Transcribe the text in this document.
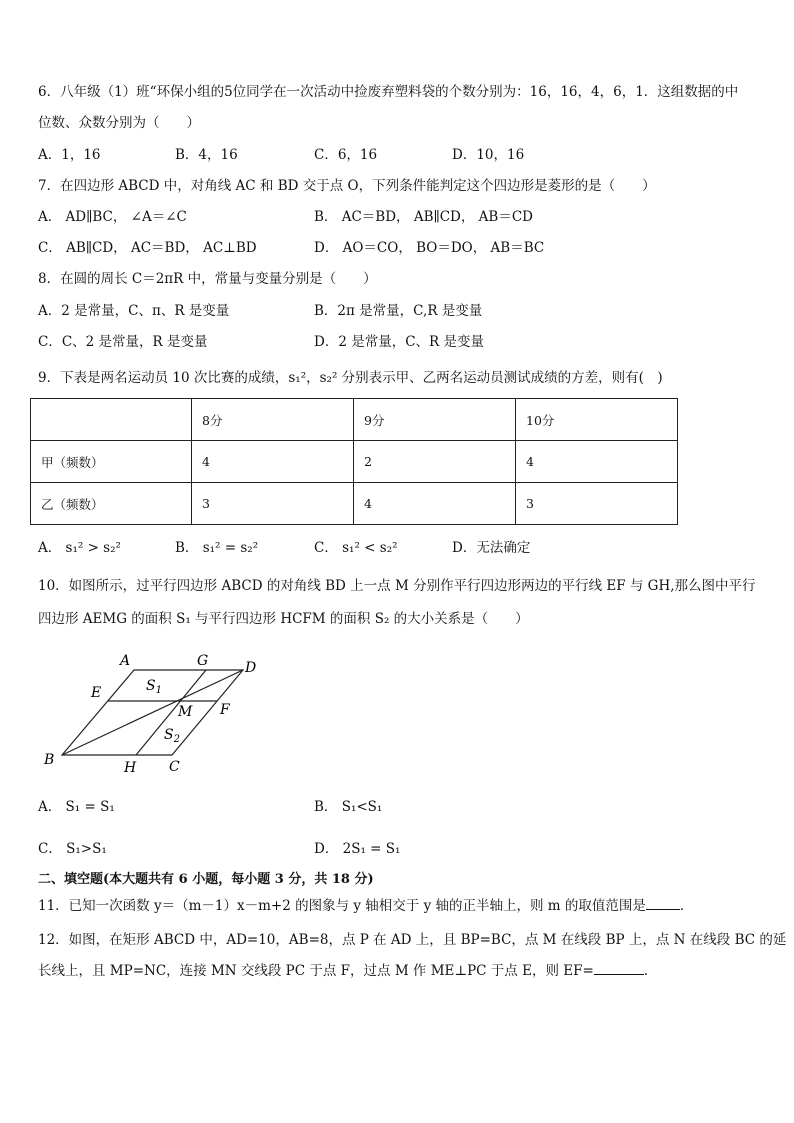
6．八年级（1）班“环保小组的5位同学在一次活动中捡废弃塑料袋的个数分别为：16，16，4，6，1．这组数据的中
位数、众数分别为（　　）
A．1，16	B．4，16	C．6，16	D．10，16
7．在四边形 ABCD 中，对角线 AC 和 BD 交于点 O，下列条件能判定这个四边形是菱形的是（　　）
A． AD∥BC， ∠A＝∠C	B． AC＝BD， AB∥CD， AB＝CD
C． AB∥CD， AC＝BD， AC⊥BD	D． AO＝CO， BO＝DO， AB＝BC
8．在圆的周长 C＝2πR 中，常量与变量分别是（　　）
A．2 是常量，C、π、R 是变量	B．2π 是常量，C,R 是变量
C．C、2 是常量，R 是变量	D．2 是常量，C、R 是变量
9．下表是两名运动员 10 次比赛的成绩，s₁²，s₂² 分别表示甲、乙两名运动员测试成绩的方差，则有(　)
	8分	9分	10分
甲（频数）	4	2	4
乙（频数）	3	4	3
A． s₁² > s₂²	B． s₁² = s₂²	C． s₁² < s₂²	D．无法确定
10．如图所示，过平行四边形 ABCD 的对角线 BD 上一点 M 分别作平行四边形两边的平行线 EF 与 GH,那么图中平行
四边形 AEMG 的面积 S₁ 与平行四边形 HCFM 的面积 S₂ 的大小关系是（　　）
A	G	D
E	$S_1$
M F
$S_2$
B	H C
A． S₁ = S₁	B． S₁<S₁
C． S₁>S₁	D． 2S₁ = S₁
二、填空题(本大题共有 6 小题，每小题 3 分，共 18 分)
11．已知一次函数 y＝（m－1）x－m+2 的图象与 y 轴相交于 y 轴的正半轴上，则 m 的取值范围是	．
12．如图，在矩形 ABCD 中，AD=10，AB=8，点 P 在 AD 上，且 BP=BC，点 M 在线段 BP 上，点 N 在线段 BC 的延
长线上，且 MP=NC，连接 MN 交线段 PC 于点 F，过点 M 作 ME⊥PC 于点 E，则 EF=	.
